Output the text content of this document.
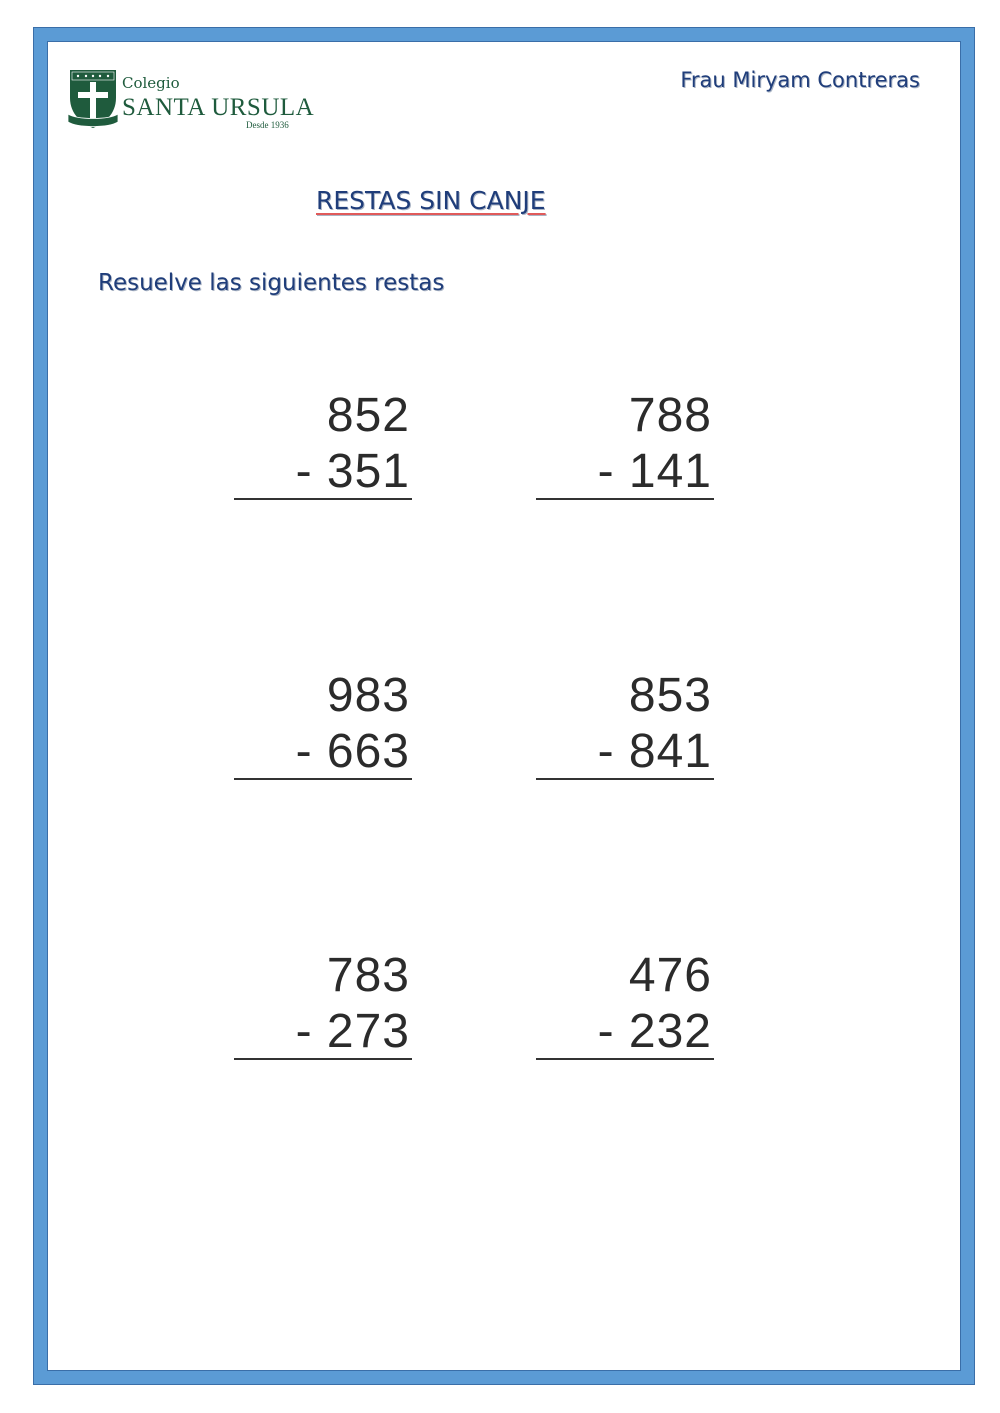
Colegio
SANTA URSULA
Desde 1936
Frau Miryam Contreras
RESTAS SIN CANJE
Resuelve las siguientes restas
852
- 351
788
- 141
983
- 663
853
- 841
783
- 273
476
- 232
